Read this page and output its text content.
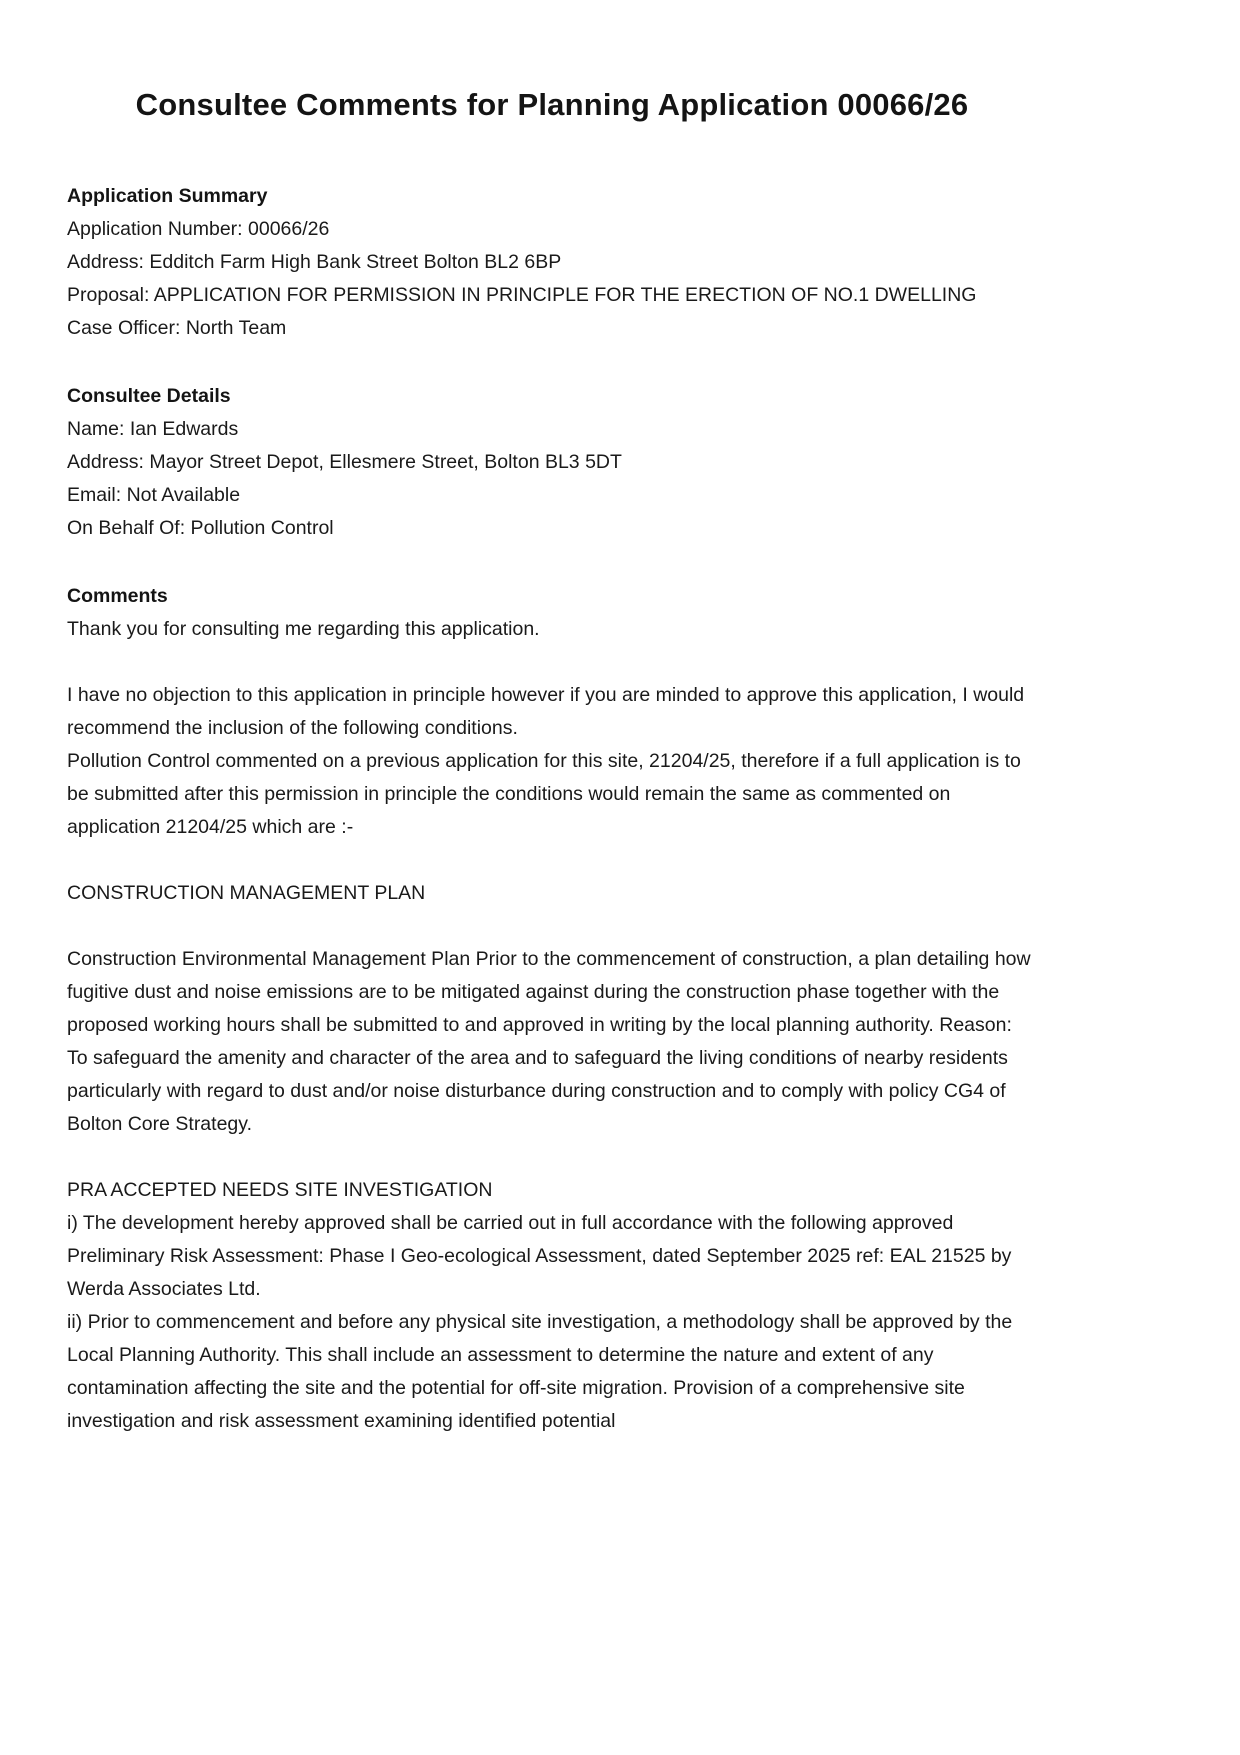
Consultee Comments for Planning Application 00066/26
Application Summary

Application Number: 00066/26

Address: Edditch Farm High Bank Street Bolton BL2 6BP

Proposal: APPLICATION FOR PERMISSION IN PRINCIPLE FOR THE ERECTION OF NO.1 DWELLING

Case Officer: North Team

Consultee Details

Name: Ian Edwards

Address: Mayor Street Depot, Ellesmere Street, Bolton BL3 5DT

Email: Not Available

On Behalf Of: Pollution Control

Comments

Thank you for consulting me regarding this application.

I have no objection to this application in principle however if you are minded to approve this application, I would recommend the inclusion of the following conditions.

Pollution Control commented on a previous application for this site, 21204/25, therefore if a full application is to be submitted after this permission in principle the conditions would remain the same as commented on application 21204/25 which are :-

CONSTRUCTION MANAGEMENT PLAN

Construction Environmental Management Plan Prior to the commencement of construction, a plan detailing how fugitive dust and noise emissions are to be mitigated against during the construction phase together with the proposed working hours shall be submitted to and approved in writing by the local planning authority. Reason: To safeguard the amenity and character of the area and to safeguard the living conditions of nearby residents particularly with regard to dust and/or noise disturbance during construction and to comply with policy CG4 of Bolton Core Strategy.

PRA ACCEPTED NEEDS SITE INVESTIGATION

i) The development hereby approved shall be carried out in full accordance with the following approved Preliminary Risk Assessment: Phase I Geo-ecological Assessment, dated September 2025 ref: EAL 21525 by Werda Associates Ltd.

ii) Prior to commencement and before any physical site investigation, a methodology shall be approved by the Local Planning Authority. This shall include an assessment to determine the nature and extent of any contamination affecting the site and the potential for off-site migration. Provision of a comprehensive site investigation and risk assessment examining identified potential
